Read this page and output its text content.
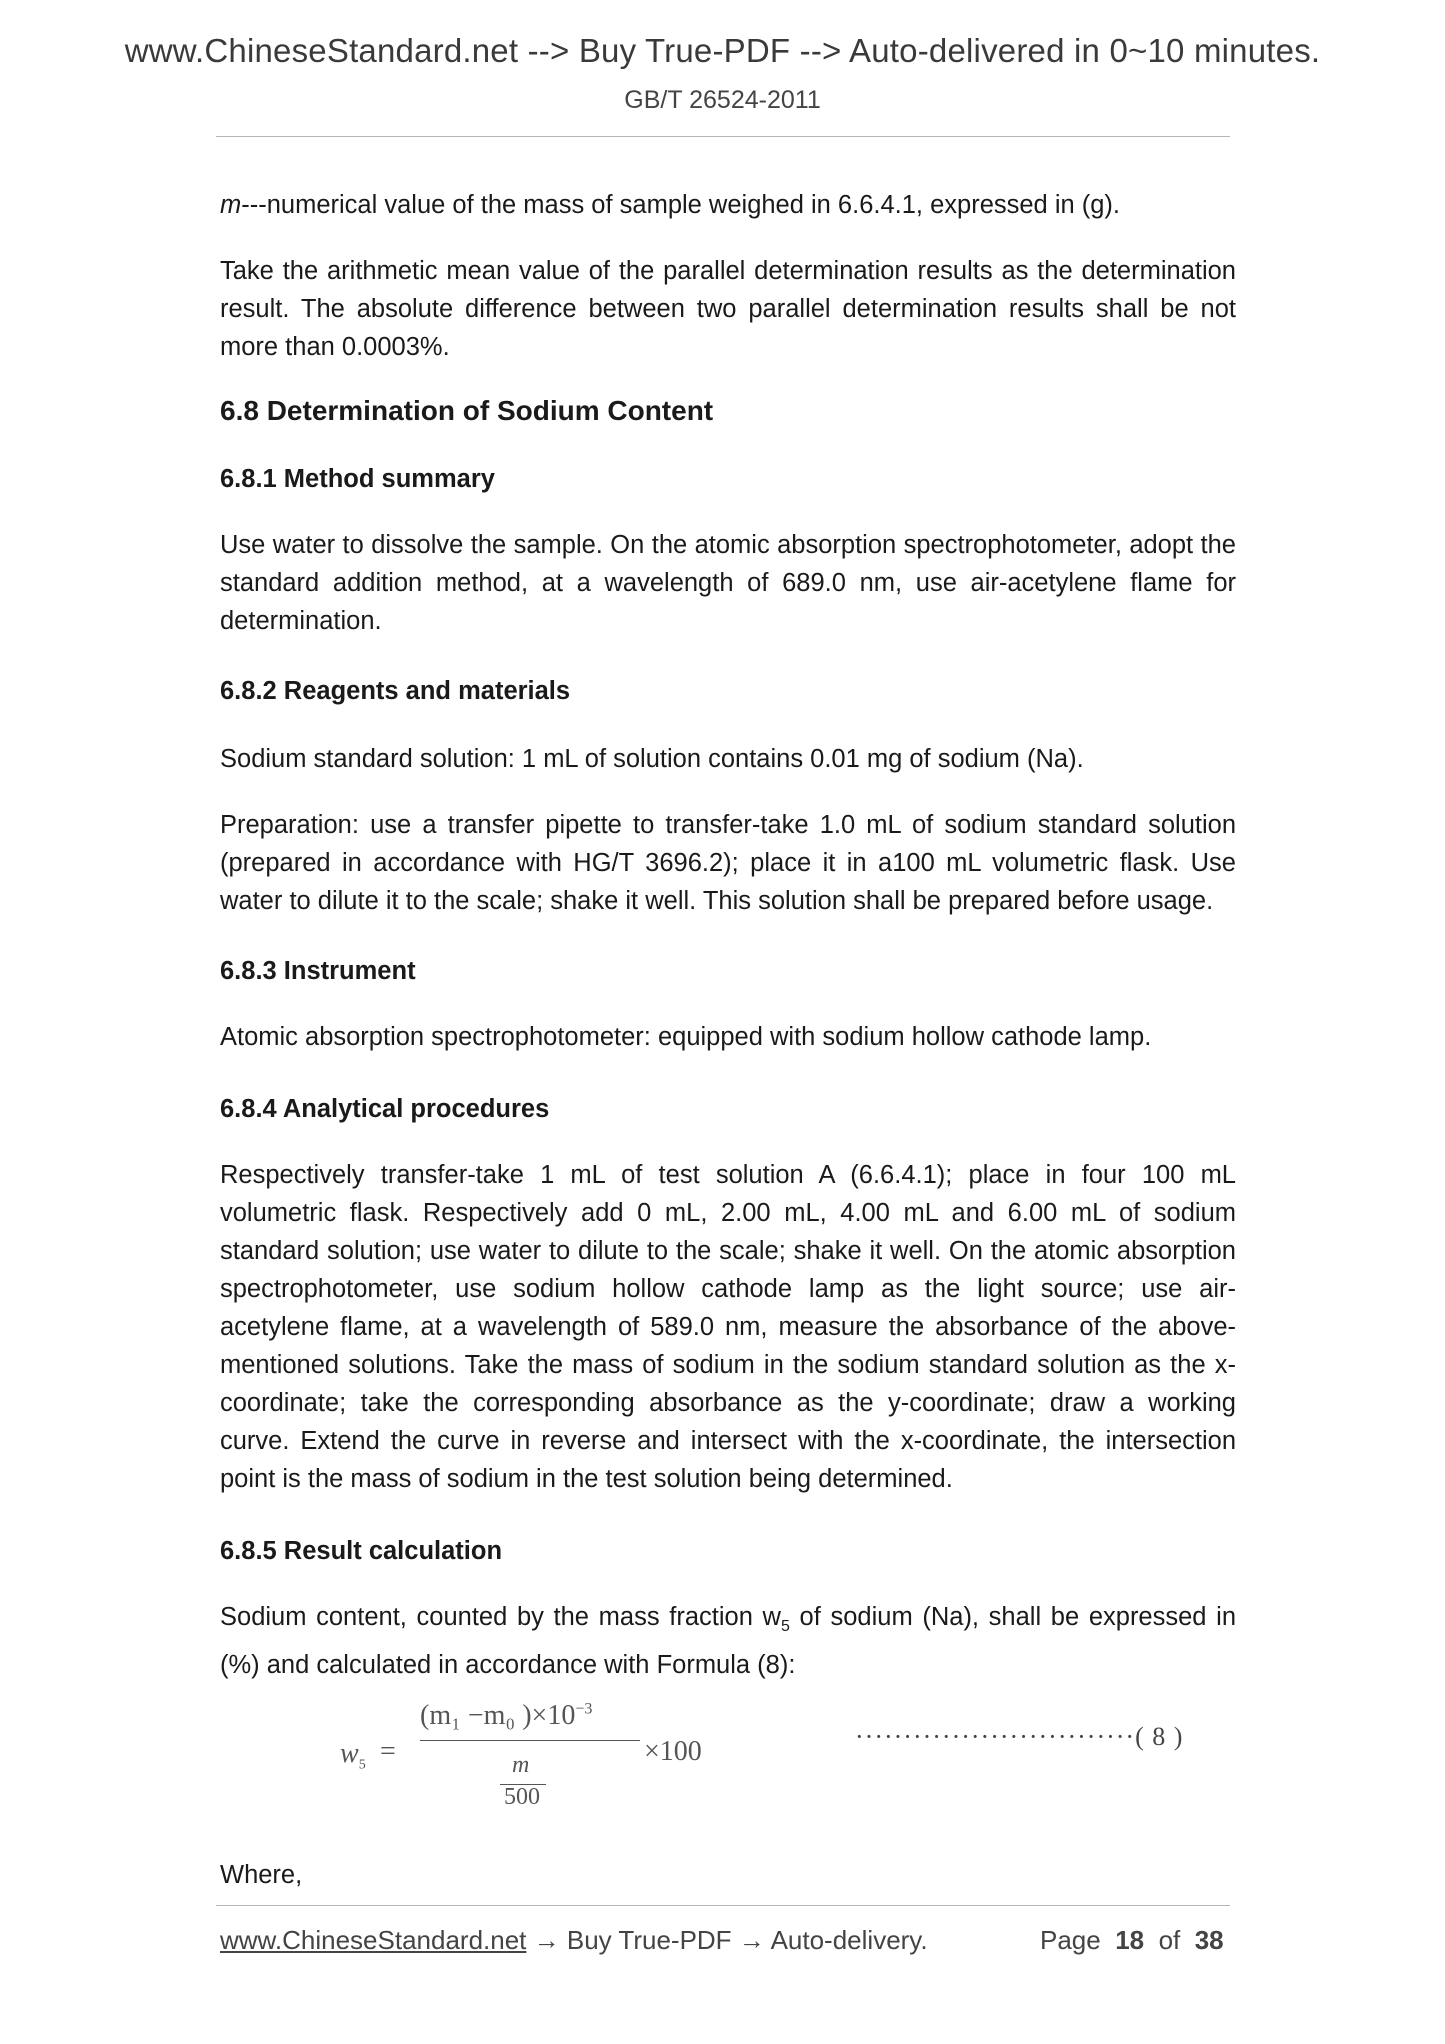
www.ChineseStandard.net --> Buy True-PDF --> Auto-delivered in 0~10 minutes.
GB/T 26524-2011
m---numerical value of the mass of sample weighed in 6.6.4.1, expressed in (g).
Take the arithmetic mean value of the parallel determination results as the determination result. The absolute difference between two parallel determination results shall be not more than 0.0003%.
6.8 Determination of Sodium Content
6.8.1 Method summary
Use water to dissolve the sample. On the atomic absorption spectrophotometer, adopt the standard addition method, at a wavelength of 689.0 nm, use air-acetylene flame for determination.
6.8.2 Reagents and materials
Sodium standard solution: 1 mL of solution contains 0.01 mg of sodium (Na).
Preparation: use a transfer pipette to transfer-take 1.0 mL of sodium standard solution (prepared in accordance with HG/T 3696.2); place it in a100 mL volumetric flask. Use water to dilute it to the scale; shake it well. This solution shall be prepared before usage.
6.8.3 Instrument
Atomic absorption spectrophotometer: equipped with sodium hollow cathode lamp.
6.8.4 Analytical procedures
Respectively transfer-take 1 mL of test solution A (6.6.4.1); place in four 100 mL volumetric flask. Respectively add 0 mL, 2.00 mL, 4.00 mL and 6.00 mL of sodium standard solution; use water to dilute to the scale; shake it well. On the atomic absorption spectrophotometer, use sodium hollow cathode lamp as the light source; use air-acetylene flame, at a wavelength of 589.0 nm, measure the absorbance of the above-mentioned solutions. Take the mass of sodium in the sodium standard solution as the x-coordinate; take the corresponding absorbance as the y-coordinate; draw a working curve. Extend the curve in reverse and intersect with the x-coordinate, the intersection point is the mass of sodium in the test solution being determined.
6.8.5 Result calculation
Sodium content, counted by the mass fraction $w_5$ of sodium (Na), shall be expressed in (%) and calculated in accordance with Formula (8):
$w_5$ =
(m₁ −m₀ )$\times 10^{-3}$
m
500
×100	·····························( 8 )
Where,
www.ChineseStandard.net → Buy True-PDF → Auto-delivery.	Page 18 of 38
